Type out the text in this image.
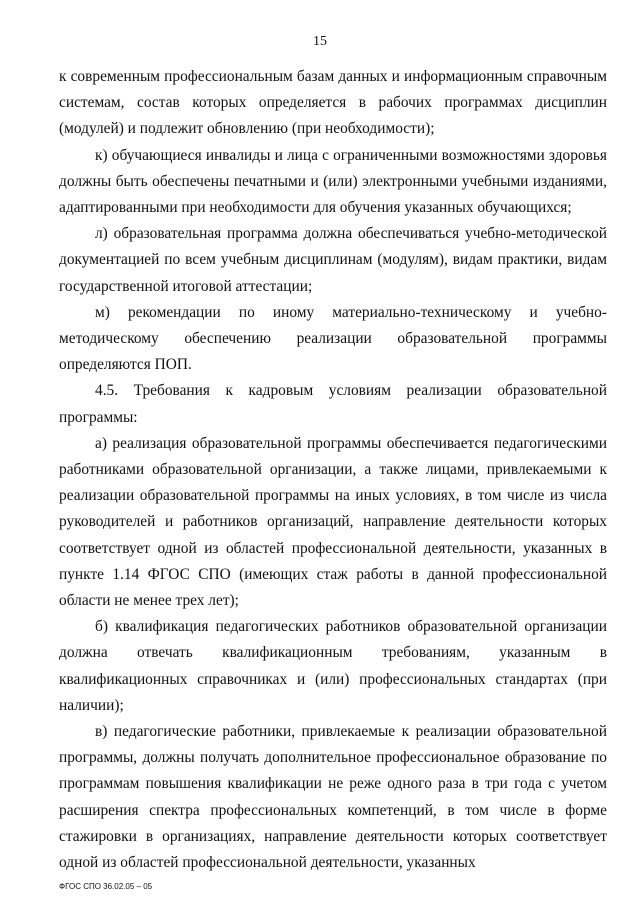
15

к современным профессиональным базам данных и информационным справочным системам, состав которых определяется в рабочих программах дисциплин (модулей) и подлежит обновлению (при необходимости);

к) обучающиеся инвалиды и лица с ограниченными возможностями здоровья должны быть обеспечены печатными и (или) электронными учебными изданиями, адаптированными при необходимости для обучения указанных обучающихся;

л) образовательная программа должна обеспечиваться учебно-методической документацией по всем учебным дисциплинам (модулям), видам практики, видам государственной итоговой аттестации;

м) рекомендации по иному материально-техническому и учебно-методическому обеспечению реализации образовательной программы определяются ПОП.

4.5. Требования к кадровым условиям реализации образовательной программы:

а) реализация образовательной программы обеспечивается педагогическими работниками образовательной организации, а также лицами, привлекаемыми к реализации образовательной программы на иных условиях, в том числе из числа руководителей и работников организаций, направление деятельности которых соответствует одной из областей профессиональной деятельности, указанных в пункте 1.14 ФГОС СПО (имеющих стаж работы в данной профессиональной области не менее трех лет);

б) квалификация педагогических работников образовательной организации должна отвечать квалификационным требованиям, указанным в квалификационных справочниках и (или) профессиональных стандартах (при наличии);

в) педагогические работники, привлекаемые к реализации образовательной программы, должны получать дополнительное профессиональное образование по программам повышения квалификации не реже одного раза в три года с учетом расширения спектра профессиональных компетенций, в том числе в форме стажировки в организациях, направление деятельности которых соответствует одной из областей профессиональной деятельности, указанных

ФГОС СПО 36.02.05 – 05
